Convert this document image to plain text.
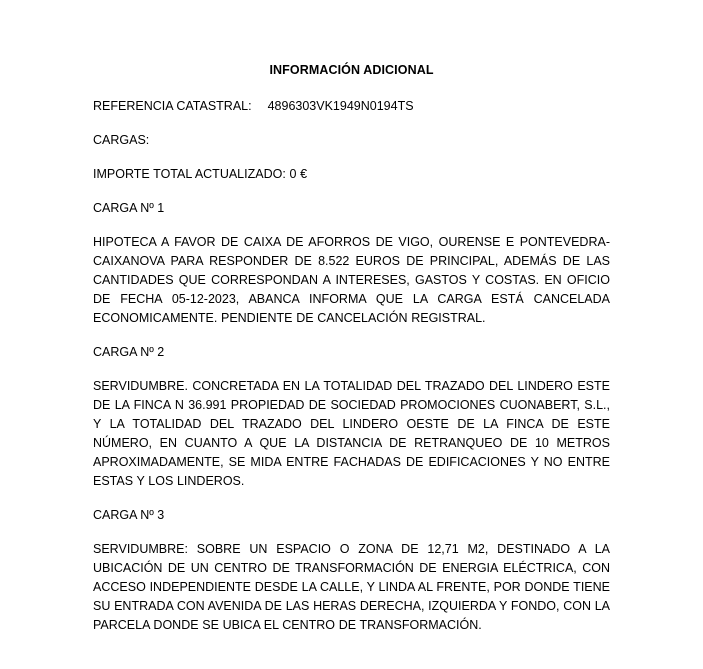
INFORMACIÓN ADICIONAL
REFERENCIA CATASTRAL: 4896303VK1949N0194TS
CARGAS:
IMPORTE TOTAL ACTUALIZADO: 0 €
CARGA Nº 1
HIPOTECA A FAVOR DE CAIXA DE AFORROS DE VIGO, OURENSE E PONTEVEDRA-CAIXANOVA PARA RESPONDER DE 8.522 EUROS DE PRINCIPAL, ADEMÁS DE LAS CANTIDADES QUE CORRESPONDAN A INTERESES, GASTOS Y COSTAS. EN OFICIO DE FECHA 05-12-2023, ABANCA INFORMA QUE LA CARGA ESTÁ CANCELADA ECONOMICAMENTE. PENDIENTE DE CANCELACIÓN REGISTRAL.
CARGA Nº 2
SERVIDUMBRE. CONCRETADA EN LA TOTALIDAD DEL TRAZADO DEL LINDERO ESTE DE LA FINCA N 36.991 PROPIEDAD DE SOCIEDAD PROMOCIONES CUONABERT, S.L., Y LA TOTALIDAD DEL TRAZADO DEL LINDERO OESTE DE LA FINCA DE ESTE NÚMERO, EN CUANTO A QUE LA DISTANCIA DE RETRANQUEO DE 10 METROS APROXIMADAMENTE, SE MIDA ENTRE FACHADAS DE EDIFICACIONES Y NO ENTRE ESTAS Y LOS LINDEROS.
CARGA Nº 3
SERVIDUMBRE: SOBRE UN ESPACIO O ZONA DE 12,71 M2, DESTINADO A LA UBICACIÓN DE UN CENTRO DE TRANSFORMACIÓN DE ENERGIA ELÉCTRICA, CON ACCESO INDEPENDIENTE DESDE LA CALLE, Y LINDA AL FRENTE, POR DONDE TIENE SU ENTRADA CON AVENIDA DE LAS HERAS DERECHA, IZQUIERDA Y FONDO, CON LA PARCELA DONDE SE UBICA EL CENTRO DE TRANSFORMACIÓN.
